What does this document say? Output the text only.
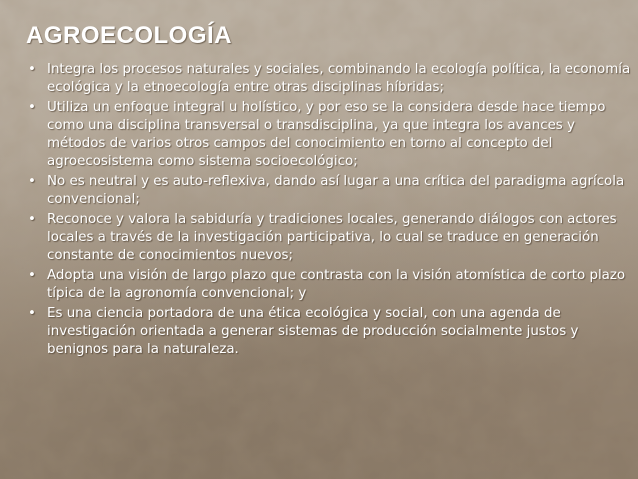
AGROECOLOGÍA
• Integra los procesos naturales y sociales, combinando la ecología política, la economía ecológica y la etnoecología entre otras disciplinas híbridas;
• Utiliza un enfoque integral u holístico, y por eso se la considera desde hace tiempo como una disciplina transversal o transdisciplina, ya que integra los avances y métodos de varios otros campos del conocimiento en torno al concepto del agroecosistema como sistema socioecológico;
• No es neutral y es auto-reflexiva, dando así lugar a una crítica del paradigma agrícola convencional;
• Reconoce y valora la sabiduría y tradiciones locales, generando diálogos con actores locales a través de la investigación participativa, lo cual se traduce en generación constante de conocimientos nuevos;
• Adopta una visión de largo plazo que contrasta con la visión atomística de corto plazo típica de la agronomía convencional; y
• Es una ciencia portadora de una ética ecológica y social, con una agenda de investigación orientada a generar sistemas de producción socialmente justos y benignos para la naturaleza.
